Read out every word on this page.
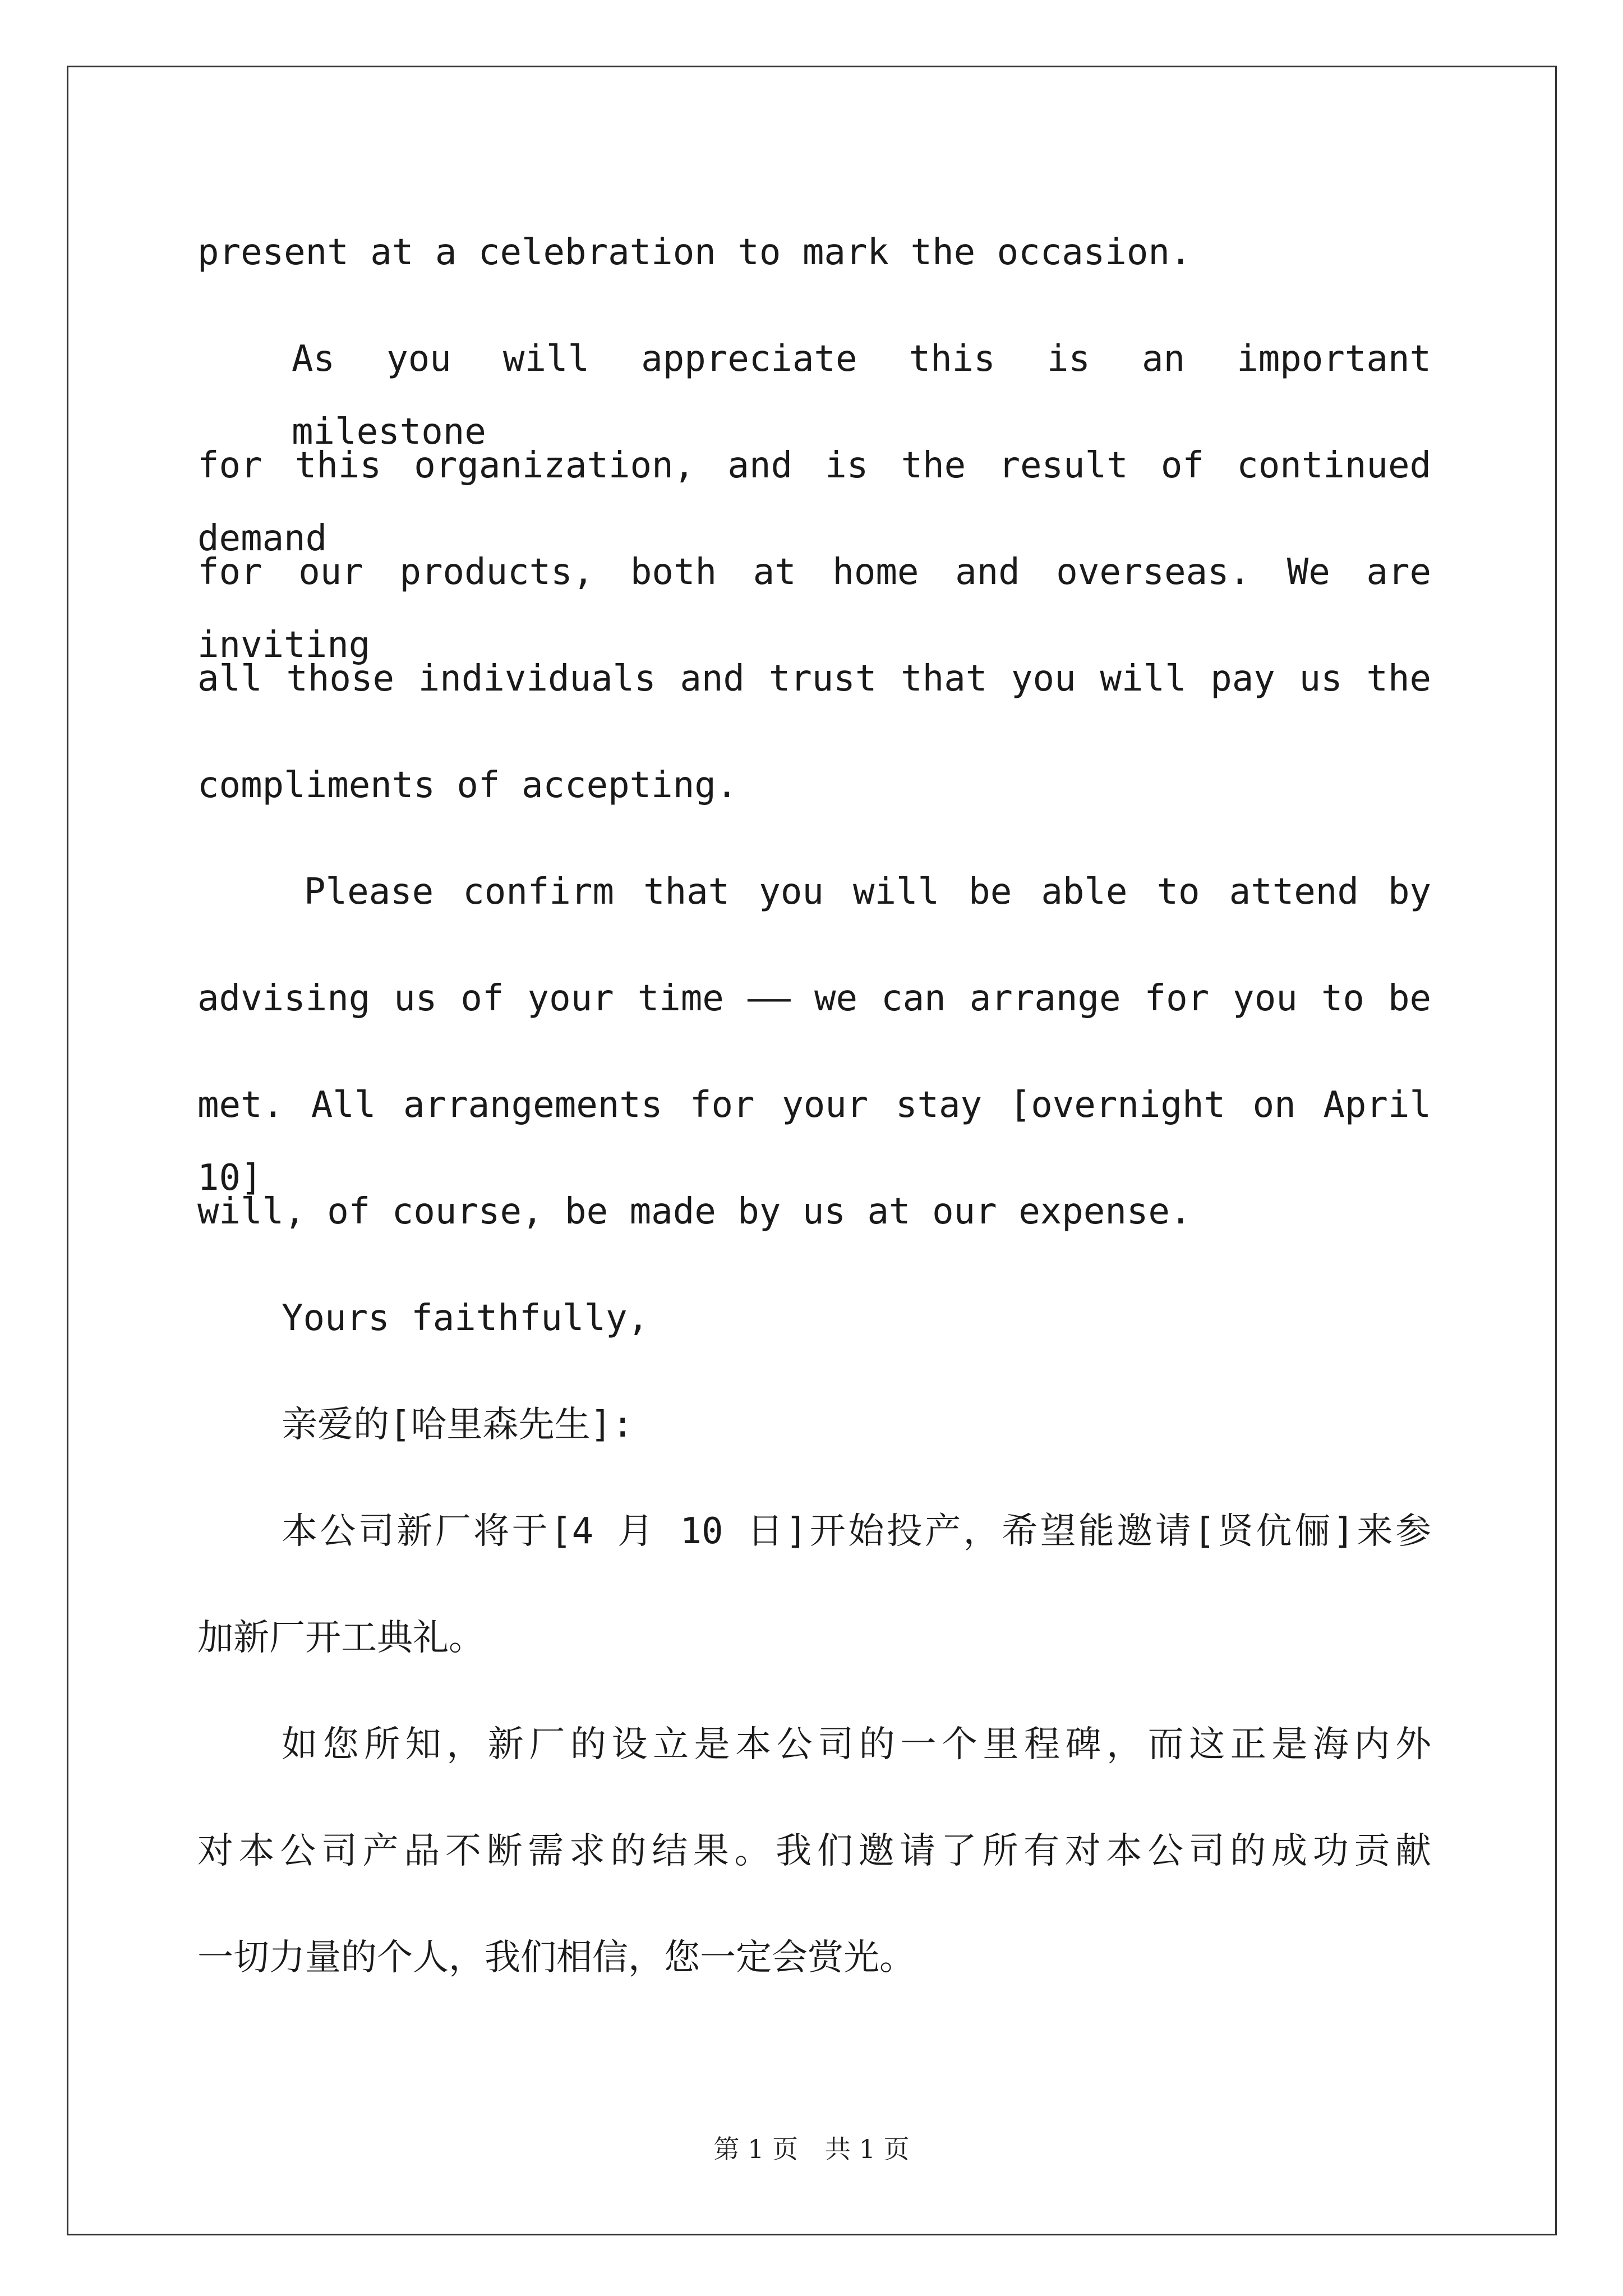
present at a celebration to mark the occasion.
As you will appreciate this is an important milestone
for this organization, and is the result of continued demand
for our products, both at home and overseas. We are inviting
all those individuals and trust that you will pay us the
compliments of accepting.
Please confirm that you will be able to attend by
advising us of your time —— we can arrange for you to be
met. All arrangements for your stay [overnight on April 10]
will, of course, be made by us at our expense.
Yours faithfully,
亲爱的[哈里森先生]:
本公司新厂将于[4 月 10 日]开始投产，希望能邀请[贤伉俪]来参
加新厂开工典礼。
如您所知，新厂的设立是本公司的一个里程碑，而这正是海内外
对本公司产品不断需求的结果。我们邀请了所有对本公司的成功贡献
一切力量的个人，我们相信，您一定会赏光。
第 1 页 共 1 页
